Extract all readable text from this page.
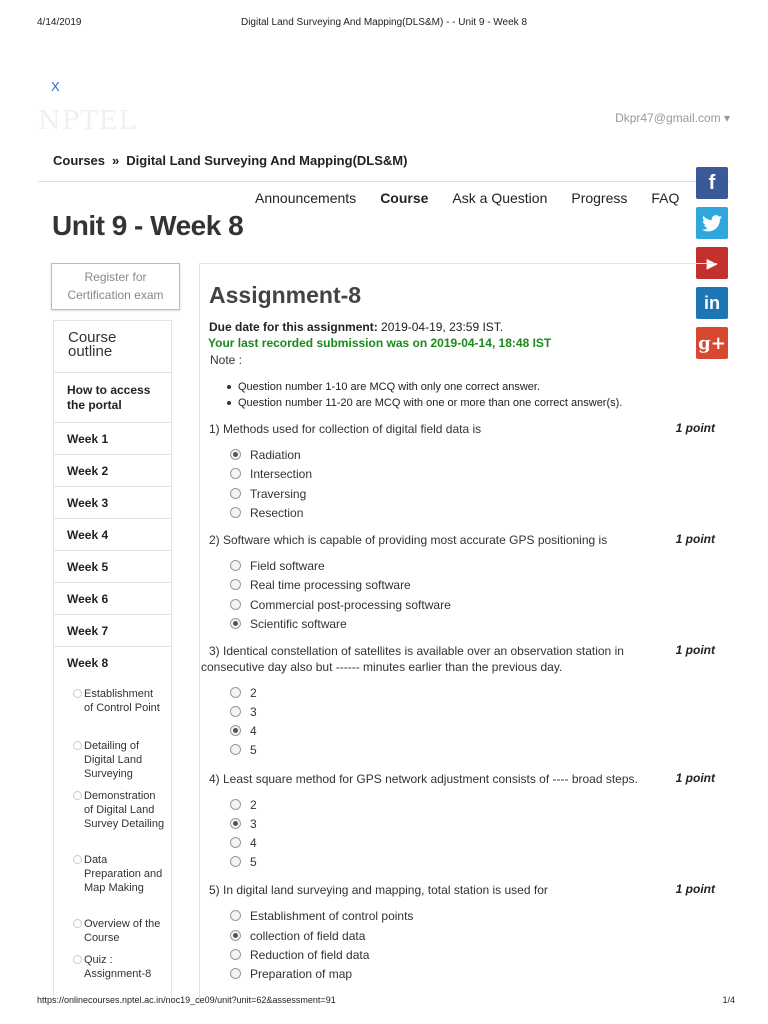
4/14/2019	Digital Land Surveying And Mapping(DLS&M) - - Unit 9 - Week 8
X
NPTEL	Dkpr47@gmail.com ▾
Courses » Digital Land Surveying And Mapping(DLS&M)
Announcements Course Ask a Question Progress FAQ
Unit 9 - Week 8
f
▶
in
g+
Register for
Certification exam
Course
outline
How to access the portal
Week 1
Week 2
Week 3
Week 4
Week 5
Week 6
Week 7
Week 8
Establishment of Control Point
Detailing of Digital Land Surveying
Demonstration of Digital Land Survey Detailing
Data Preparation and Map Making
Overview of the Course
Quiz : Assignment-8
Assignment-8
Due date for this assignment: 2019-04-19, 23:59 IST.
Your last recorded submission was on 2019-04-14, 18:48 IST
Note :
Question number 1-10 are MCQ with only one correct answer.
Question number 11-20 are MCQ with one or more than one correct answer(s).
1) Methods used for collection of digital field data is	1 point
Radiation
Intersection
Traversing
Resection
2) Software which is capable of providing most accurate GPS positioning is	1 point
Field software
Real time processing software
Commercial post-processing software
Scientific software
3) Identical constellation of satellites is available over an observation station in consecutive day also but ------ minutes earlier than the previous day.
1 point
2
3
4
5
4) Least square method for GPS network adjustment consists of ---- broad steps.	1 point
2
3
4
5
5) In digital land surveying and mapping, total station is used for	1 point
Establishment of control points
collection of field data
Reduction of field data
Preparation of map
https://onlinecourses.nptel.ac.in/noc19_ce09/unit?unit=62&assessment=91	1/4
